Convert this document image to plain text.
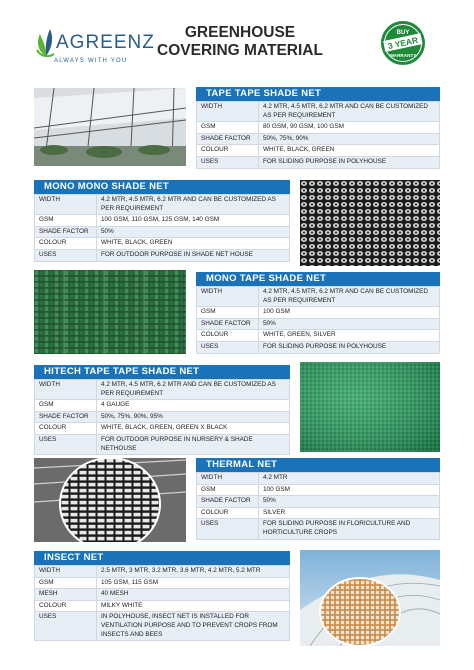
AGREENZ
ALWAYS WITH YOU
GREENHOUSE
COVERING MATERIAL
BUY
3 YEAR
WARRANTY
TAPE TAPE SHADE NET
WIDTH	4.2 MTR, 4.5 MTR, 6.2 MTR AND CAN BE CUSTOMIZED AS PER REQUIREMENT
GSM	80 GSM, 90 GSM, 100 GSM
SHADE FACTOR	50%, 75%, 90%
COLOUR	WHITE, BLACK, GREEN
USES	FOR SLIDING PURPOSE IN POLYHOUSE
MONO MONO SHADE NET
WIDTH	4.2 MTR, 4.5 MTR, 6.2 MTR AND CAN BE CUSTOMIZED AS PER REQUIREMENT
GSM	100 GSM, 110 GSM, 125 GSM, 140 GSM
SHADE FACTOR	50%
COLOUR	WHITE, BLACK, GREEN
USES	FOR OUTDOOR PURPOSE IN SHADE NET HOUSE
MONO TAPE SHADE NET
WIDTH	4.2 MTR, 4.5 MTR, 6.2 MTR AND CAN BE CUSTOMIZED AS PER REQUIREMENT
GSM	100 GSM
SHADE FACTOR	50%
COLOUR	WHITE, GREEN, SILVER
USES	FOR SLIDING PURPOSE IN POLYHOUSE
HITECH TAPE TAPE SHADE NET
WIDTH	4.2 MTR, 4.5 MTR, 6.2 MTR AND CAN BE CUSTOMIZED AS PER REQUIREMENT
GSM	4 GAUGE
SHADE FACTOR	50%, 75%, 90%, 95%
COLOUR	WHITE, BLACK, GREEN, GREEN X BLACK
USES	FOR OUTDOOR PURPOSE IN NURSERY & SHADE NETHOUSE
THERMAL NET
WIDTH	4.2 MTR
GSM	100 GSM
SHADE FACTOR	50%
COLOUR	SILVER
USES	FOR SLIDING PURPOSE IN FLORICULTURE AND HORTICULTURE CROPS
INSECT NET
WIDTH	2.5 MTR, 3 MTR, 3.2 MTR, 3.6 MTR, 4.2 MTR, 5.2 MTR
GSM	105 GSM, 115 GSM
MESH	40 MESH
COLOUR	MILKY WHITE
USES	IN POLYHOUSE, INSECT NET IS INSTALLED FOR VENTILATION PURPOSE AND TO PREVENT CROPS FROM INSECTS AND BEES
